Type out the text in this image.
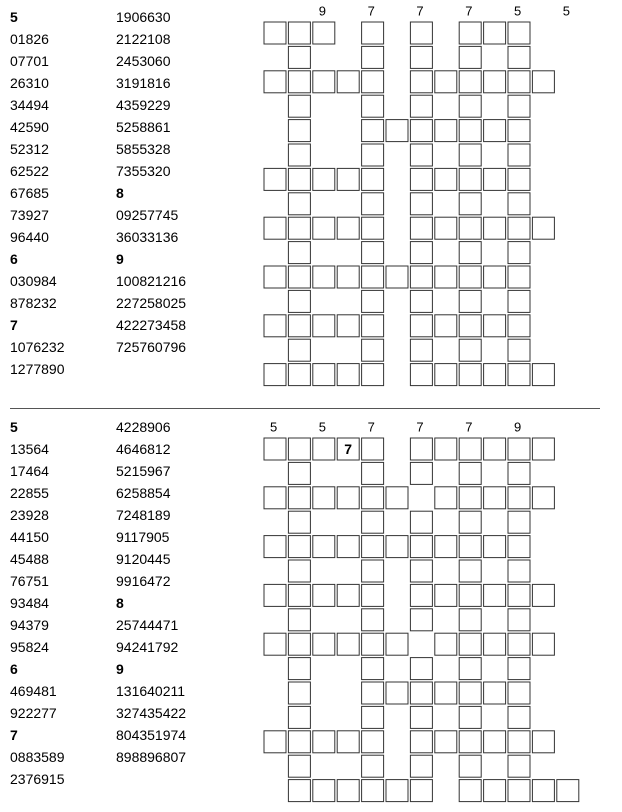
5
01826
07701
26310
34494
42590
52312
62522
67685
73927
96440
6
030984
878232
7
1076232
1277890
1906630
2122108
2453060
3191816
4359229
5258861
5855328
7355320
8
09257745
36033136
9
100821216
227258025
422273458
725760796
9	7	7	7	5	5
5
13564
17464
22855
23928
44150
45488
76751
93484
94379
95824
6
469481
922277
7
0883589
2376915
4228906
4646812
5215967
6258854
7248189
9117905
9120445
9916472
8
25744471
94241792
9
131640211
327435422
804351974
898896807
5	5	7	7	7	9
7
